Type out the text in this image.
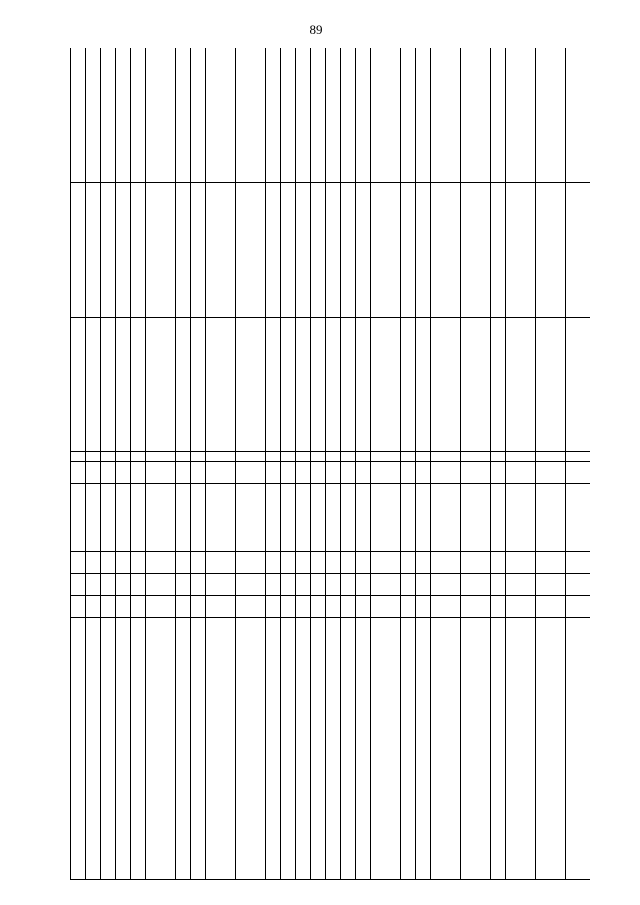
89
